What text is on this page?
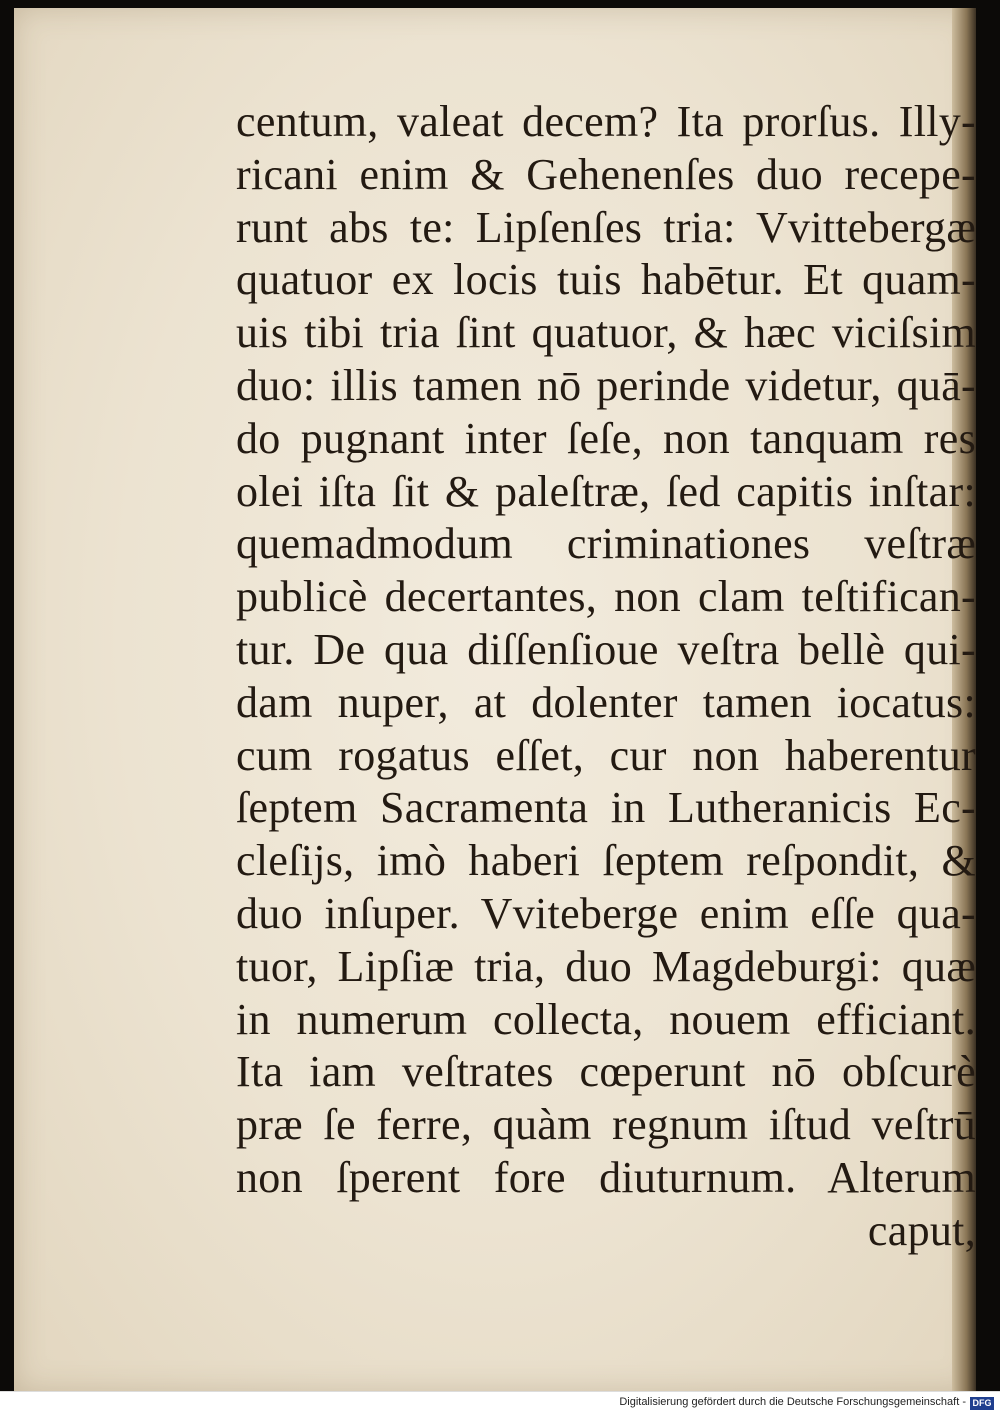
centum, valeat decem? Ita prorſus. Illy-
ricani enim & Gehenenſes duo recepe-
runt abs te: Lipſenſes tria: Vvittebergæ
quatuor ex locis tuis habētur. Et quam-
uis tibi tria ſint quatuor, & hæc viciſsim
duo: illis tamen nō perinde videtur, quā-
do pugnant inter ſeſe, non tanquam res
olei iſta ſit & paleſtræ, ſed capitis inſtar:
quemadmodum criminationes veſtræ
publicè decertantes, non clam teſtifican-
tur. De qua diſſenſioue veſtra bellè qui-
dam nuper, at dolenter tamen iocatus:
cum rogatus eſſet, cur non haberentur
ſeptem Sacramenta in Lutheranicis Ec-
cleſijs, imò haberi ſeptem reſpondit, &
duo inſuper. Vviteberge enim eſſe qua-
tuor, Lipſiæ tria, duo Magdeburgi: quæ
in numerum collecta, nouem efficiant.
Ita iam veſtrates cœperunt nō obſcurè
præ ſe ferre, quàm regnum iſtud veſtrū
non ſperent fore diuturnum. Alterum
caput,
Digitalisierung gefördert durch die Deutsche Forschungsgemeinschaft - DFG
